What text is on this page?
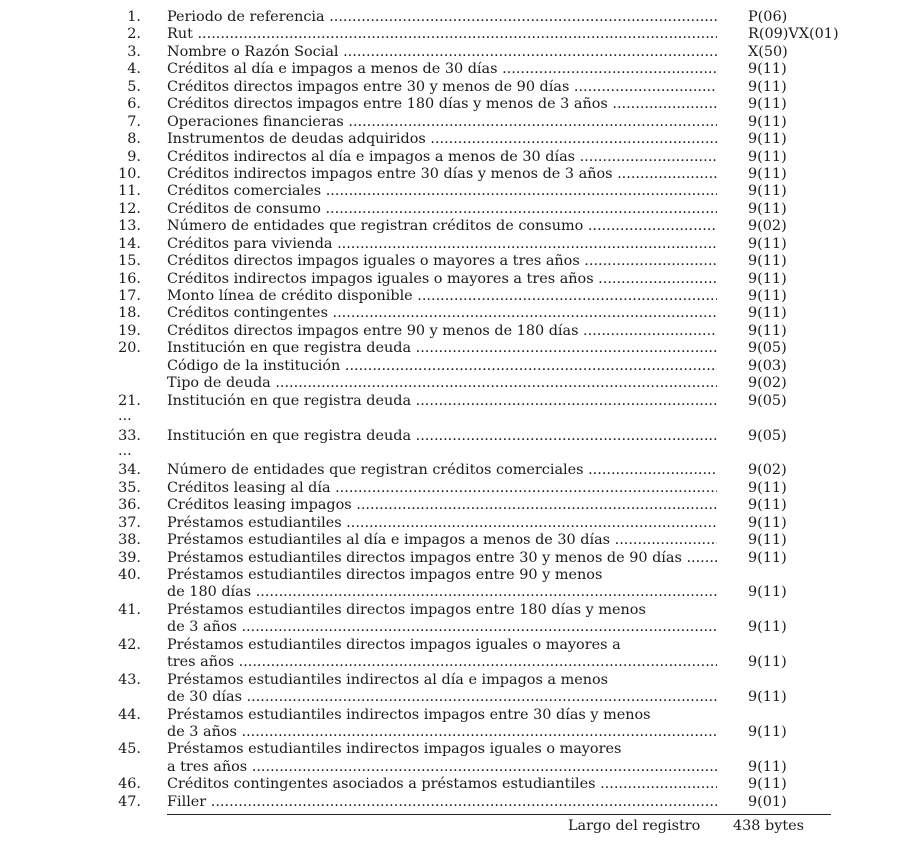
1. Periodo de referencia .....	P(06)
2. Rut .....	R(09)VX(01)
3. Nombre o Razón Social .....	X(50)
4. Créditos al día e impagos a menos de 30 días .....	9(11)
5. Créditos directos impagos entre 30 y menos de 90 días .....	9(11)
6. Créditos directos impagos entre 180 días y menos de 3 años .....	9(11)
7. Operaciones financieras .....	9(11)
8. Instrumentos de deudas adquiridos .....	9(11)
9. Créditos indirectos al día e impagos a menos de 30 días .....	9(11)
10. Créditos indirectos impagos entre 30 días y menos de 3 años .....	9(11)
11. Créditos comerciales .....	9(11)
12. Créditos de consumo .....	9(11)
13. Número de entidades que registran créditos de consumo .....	9(02)
14. Créditos para vivienda .....	9(11)
15. Créditos directos impagos iguales o mayores a tres años .....	9(11)
16. Créditos indirectos impagos iguales o mayores a tres años .....	9(11)
17. Monto línea de crédito disponible .....	9(11)
18. Créditos contingentes .....	9(11)
19. Créditos directos impagos entre 90 y menos de 180 días .....	9(11)
20. Institución en que registra deuda .....	9(05)
Código de la institución .....	9(03)
Tipo de deuda .....	9(02)
21. Institución en que registra deuda .....	9(05)
...
33. Institución en que registra deuda .....	9(05)
...
34. Número de entidades que registran créditos comerciales .....	9(02)
35. Créditos leasing al día .....	9(11)
36. Créditos leasing impagos .....	9(11)
37. Préstamos estudiantiles .....	9(11)
38. Préstamos estudiantiles al día e impagos a menos de 30 días .....	9(11)
39. Préstamos estudiantiles directos impagos entre 30 y menos de 90 días .....	9(11)
40. Préstamos estudiantiles directos impagos entre 90 y menos
de 180 días .....	9(11)
41. Préstamos estudiantiles directos impagos entre 180 días y menos
de 3 años .....	9(11)
42. Préstamos estudiantiles directos impagos iguales o mayores a
tres años .....	9(11)
43. Préstamos estudiantiles indirectos al día e impagos a menos
de 30 días .....	9(11)
44. Préstamos estudiantiles indirectos impagos entre 30 días y menos
de 3 años .....	9(11)
45. Préstamos estudiantiles indirectos impagos iguales o mayores
a tres años .....	9(11)
46. Créditos contingentes asociados a préstamos estudiantiles .....	9(11)
47. Filler .....	9(01)
Largo del registro 438 bytes
